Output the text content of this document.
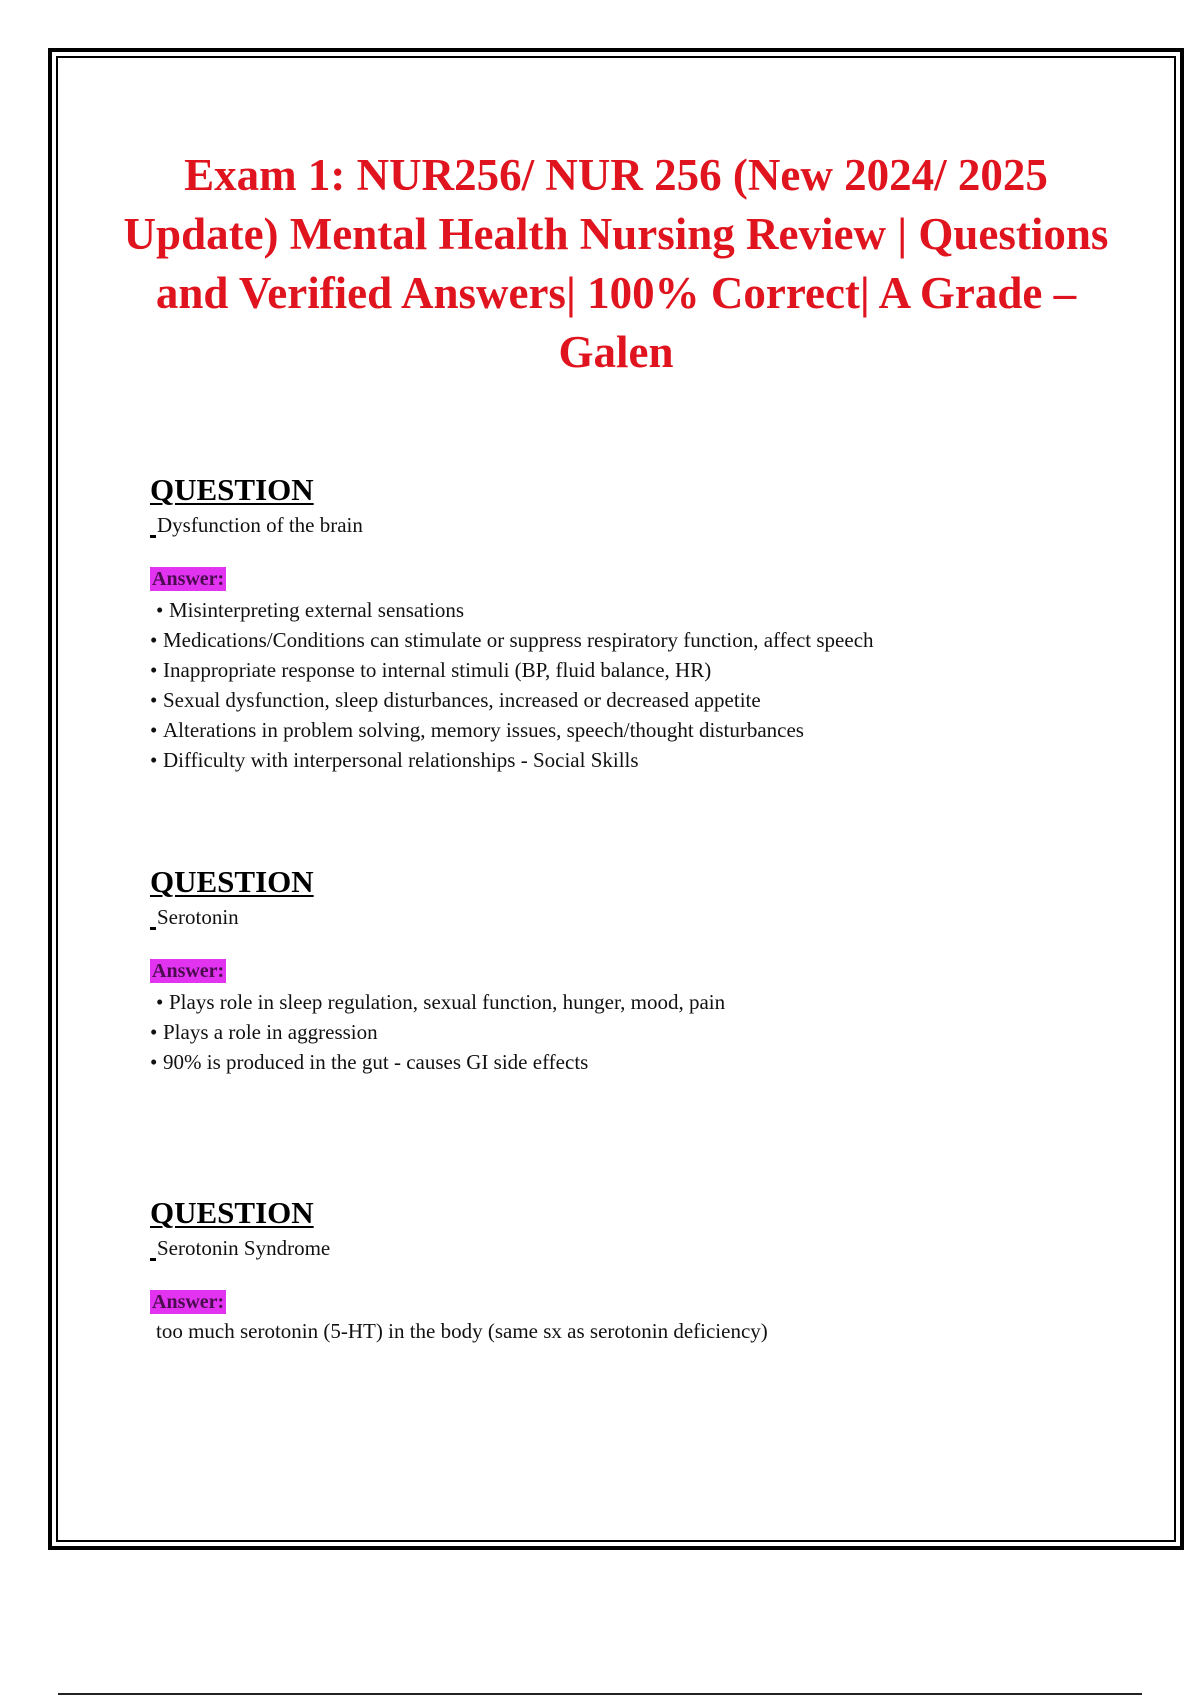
Exam 1: NUR256/ NUR 256 (New 2024/ 2025 Update) Mental Health Nursing Review | Questions and Verified Answers| 100% Correct| A Grade – Galen
QUESTION

Dysfunction of the brain

Answer:
• Misinterpreting external sensations
• Medications/Conditions can stimulate or suppress respiratory function, affect speech
• Inappropriate response to internal stimuli (BP, fluid balance, HR)
• Sexual dysfunction, sleep disturbances, increased or decreased appetite
• Alterations in problem solving, memory issues, speech/thought disturbances
• Difficulty with interpersonal relationships - Social Skills
QUESTION

Serotonin

Answer:
• Plays role in sleep regulation, sexual function, hunger, mood, pain
• Plays a role in aggression
• 90% is produced in the gut - causes GI side effects
QUESTION

Serotonin Syndrome

Answer:

too much serotonin (5-HT) in the body (same sx as serotonin deficiency)
